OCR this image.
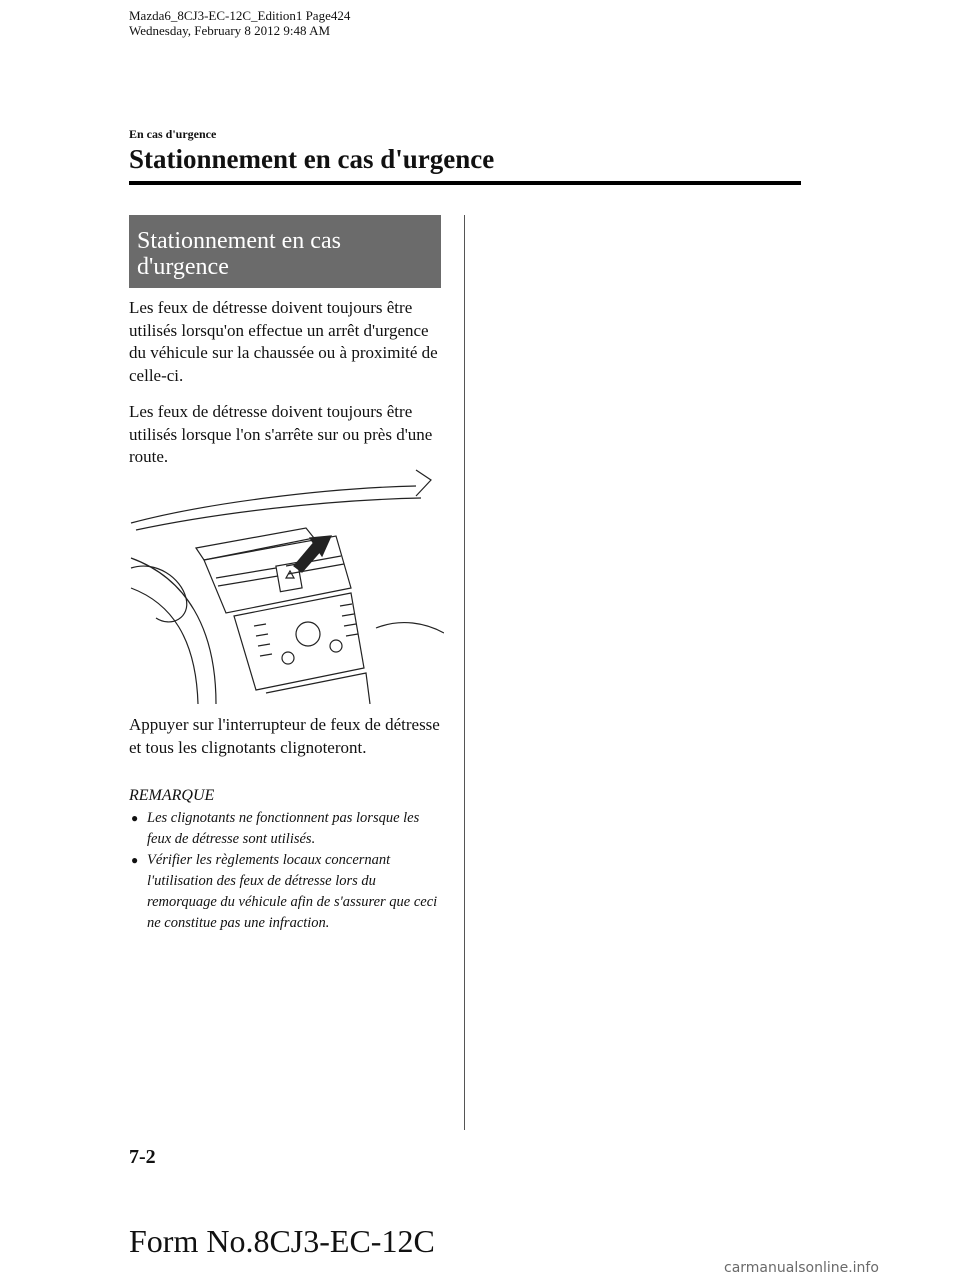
Mazda6_8CJ3-EC-12C_Edition1 Page424
Wednesday, February 8 2012 9:48 AM
En cas d'urgence
Stationnement en cas d'urgence
Stationnement en cas
d'urgence

Les feux de détresse doivent toujours être utilisés lorsqu'on effectue un arrêt d'urgence du véhicule sur la chaussée ou à proximité de celle-ci.

Les feux de détresse doivent toujours être utilisés lorsque l'on s'arrête sur ou près d'une route.

Appuyer sur l'interrupteur de feux de détresse et tous les clignotants clignoteront.

REMARQUE
● Les clignotants ne fonctionnent pas lorsque les feux de détresse sont utilisés.
● Vérifier les règlements locaux concernant l'utilisation des feux de détresse lors du remorquage du véhicule afin de s'assurer que ceci ne constitue pas une infraction.
7-2
Form No.8CJ3-EC-12C
carmanualsonline.info
